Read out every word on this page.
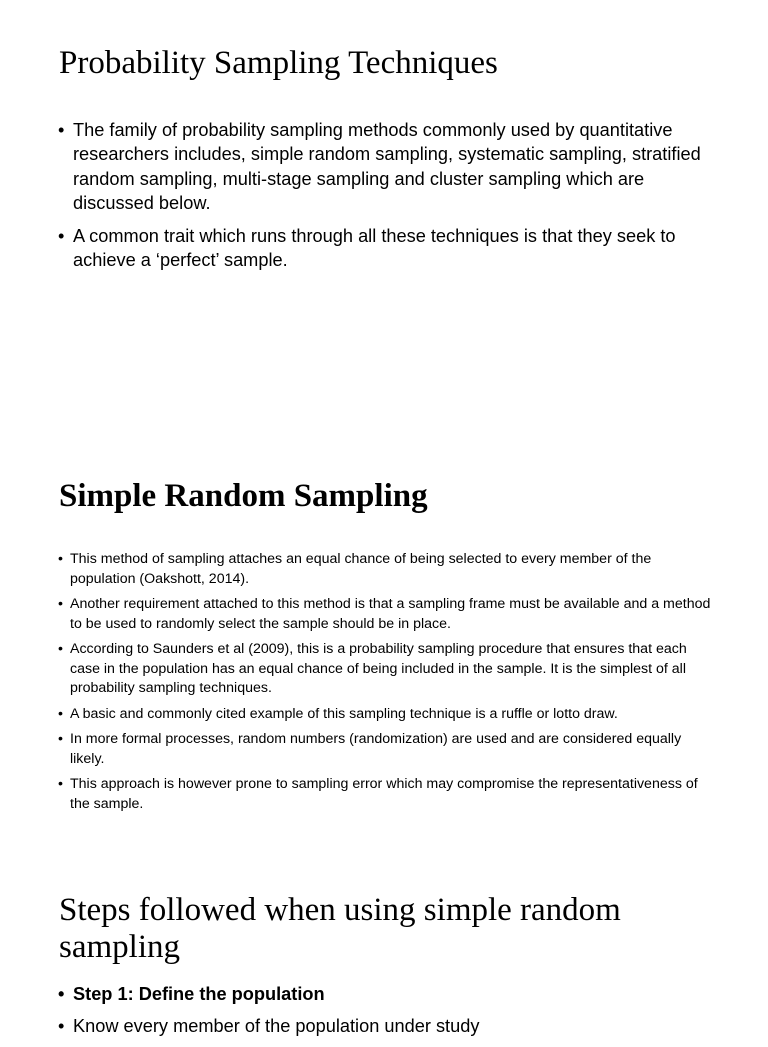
Probability Sampling Techniques
• The family of probability sampling methods commonly used by quantitative researchers includes, simple random sampling, systematic sampling, stratified random sampling, multi-stage sampling and cluster sampling which are discussed below.
• A common trait which runs through all these techniques is that they seek to achieve a ‘perfect’ sample.
Simple Random Sampling
• This method of sampling attaches an equal chance of being selected to every member of the population (Oakshott, 2014).
• Another requirement attached to this method is that a sampling frame must be available and a method to be used to randomly select the sample should be in place.
• According to Saunders et al (2009), this is a probability sampling procedure that ensures that each case in the population has an equal chance of being included in the sample. It is the simplest of all probability sampling techniques.
• A basic and commonly cited example of this sampling technique is a ruffle or lotto draw.
• In more formal processes, random numbers (randomization) are used and are considered equally likely.
• This approach is however prone to sampling error which may compromise the representativeness of the sample.
Steps followed when using simple random sampling
• Step 1: Define the population
• Know every member of the population under study
